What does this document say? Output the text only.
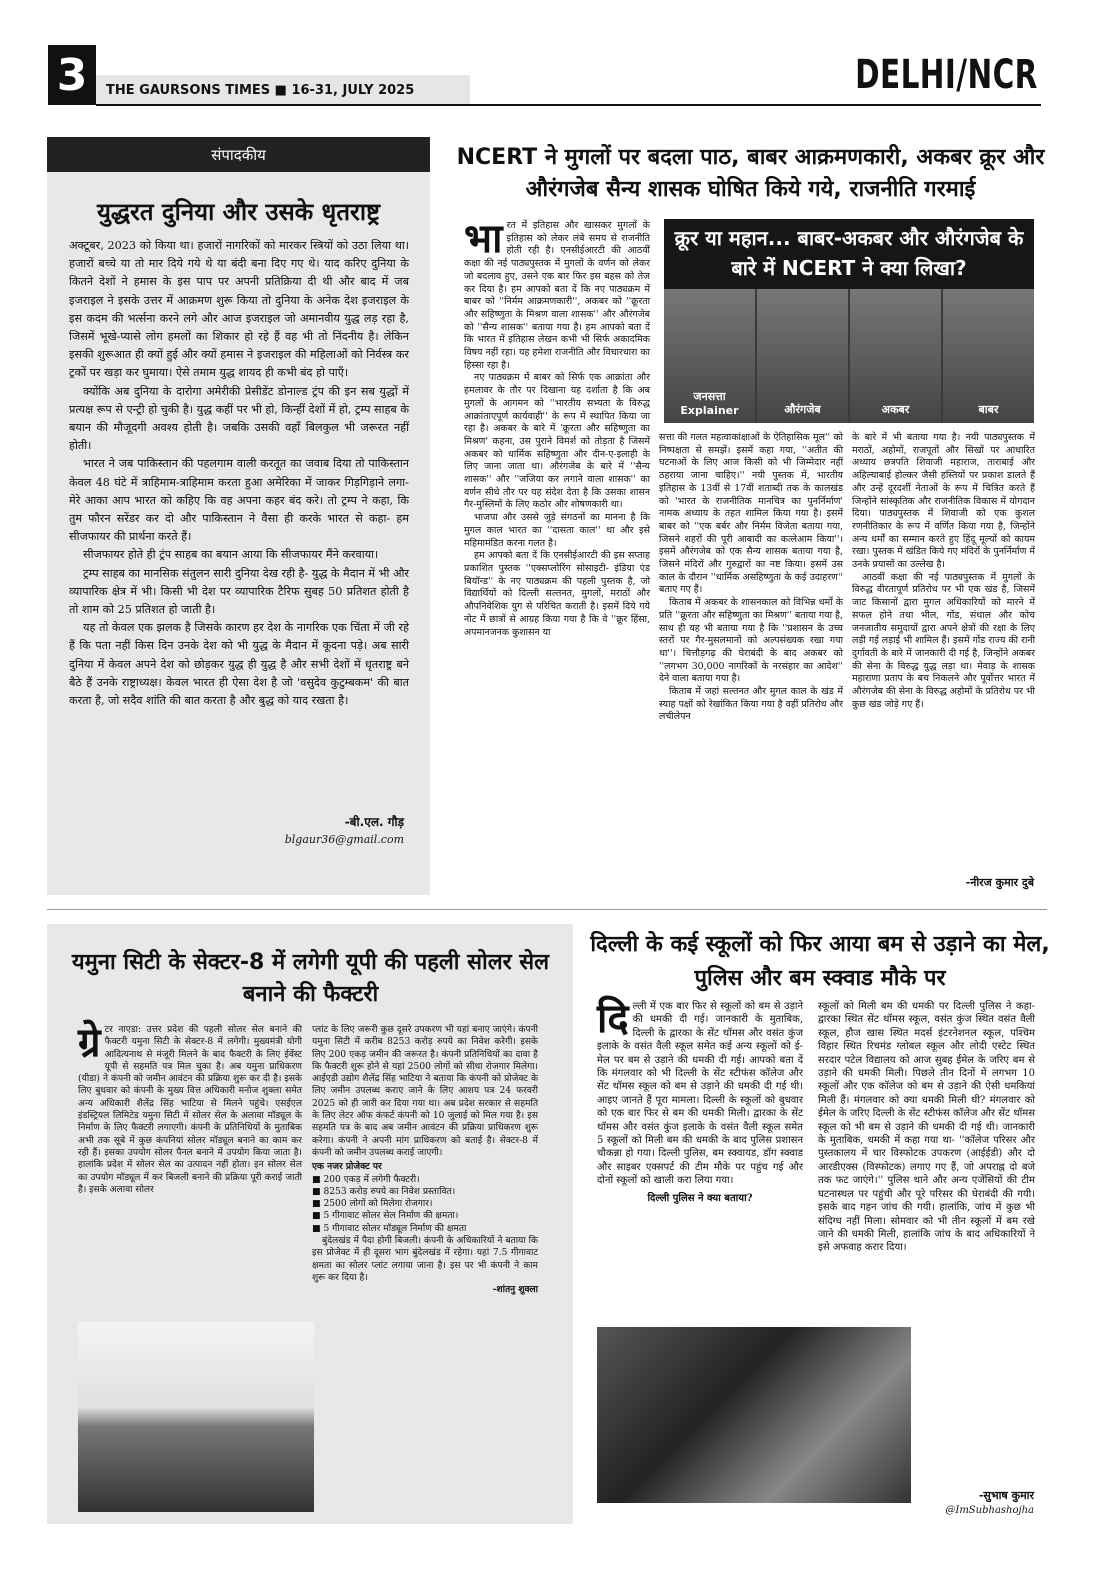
3	THE GAURSONS TIMES ■ 16-31, JULY 2025	DELHI/NCR
संपादकीय
युद्धरत दुनिया और उसके धृतराष्ट्र

अक्टूबर, 2023 को किया था। हजारों नागरिकों को मारकर स्त्रियों को उठा लिया था। हजारों बच्चे या तो मार दिये गये थे या बंदी बना दिए गए थे। याद करिए दुनिया के कितने देशों ने हमास के इस पाप पर अपनी प्रतिक्रिया दी थी और बाद में जब इजराइल ने इसके उत्तर में आक्रमण शुरू किया तो दुनिया के अनेक देश इजराइल के इस कदम की भर्त्सना करने लगे और आज इजराइल जो अमानवीय युद्ध लड़ रहा है, जिसमें भूखे-प्यासे लोग हमलों का शिकार हो रहे हैं वह भी तो निंदनीय है। लेकिन इसकी शुरूआत ही क्यों हुई और क्यों हमास ने इजराइल की महिलाओं को निर्वस्त्र कर ट्रकों पर खड़ा कर घुमाया। ऐसे तमाम युद्ध शायद ही कभी बंद हो पाएँ।

क्योंकि अब दुनिया के दारोगा अमेरीकी प्रेसीडेंट डोनाल्ड ट्रंप की इन सब युद्धों में प्रत्यक्ष रूप से एन्ट्री हो चुकी है। युद्ध कहीं पर भी हो, किन्हीं देशों में हो, ट्रम्प साहब के बयान की मौजूदगी अवश्य होती है। जबकि उसकी वहाँ बिलकुल भी जरूरत नहीं होती।

भारत ने जब पाकिस्तान की पहलगाम वाली करतूत का जवाब दिया तो पाकिस्तान केवल 48 घंटे में त्राहिमाम-त्राहिमाम करता हुआ अमेरिका में जाकर गिड़गिड़ाने लगा- मेरे आका आप भारत को कहिए कि वह अपना कहर बंद करे। तो ट्रम्प ने कहा, कि तुम फौरन सरेंडर कर दो और पाकिस्तान ने वैसा ही करके भारत से कहा- हम सीजफायर की प्रार्थना करते हैं।

सीजफायर होते ही ट्रंप साहब का बयान आया कि सीजफायर मैंने करवाया।

ट्रम्प साहब का मानसिक संतुलन सारी दुनिया देख रही है- युद्ध के मैदान में भी और व्यापारिक क्षेत्र में भी। किसी भी देश पर व्यापारिक टैरिफ सुबह 50 प्रतिशत होती है तो शाम को 25 प्रतिशत हो जाती है।

यह तो केवल एक झलक है जिसके कारण हर देश के नागरिक एक चिंता में जी रहे हैं कि पता नहीं किस दिन उनके देश को भी युद्ध के मैदान में कूदना पड़े। अब सारी दुनिया में केवल अपने देश को छोड़कर युद्ध ही युद्ध है और सभी देशों में धृतराष्ट्र बने बैठे हैं उनके राष्ट्राध्यक्ष। केवल भारत ही ऐसा देश है जो 'वसुदेव कुटुम्बकम' की बात करता है, जो सदैव शांति की बात करता है और बुद्ध को याद रखता है।

-बी.एल. गौड़
blgaur36@gmail.com
NCERT ने मुगलों पर बदला पाठ, बाबर आक्रमणकारी, अकबर क्रूर और औरंगजेब सैन्य शासक घोषित किये गये, राजनीति गरमाई
भा रत में इतिहास और खासकर मुगलों के इतिहास को लेकर लंबे समय से राजनीति होती रही है। एनसीईआरटी की आठवीं कक्षा की नई पाठ्यपुस्तक में मुगलों के वर्णन को लेकर जो बदलाव हुए, उसने एक बार फिर इस बहस को तेज कर दिया है। हम आपको बता दें कि नए पाठ्यक्रम में बाबर को ''निर्मम आक्रमणकारी'', अकबर को ''क्रूरता और सहिष्णुता के मिश्रण वाला शासक'' और औरंगजेब को ''सैन्य शासक'' बताया गया है। हम आपको बता दें कि भारत में इतिहास लेखन कभी भी सिर्फ अकादमिक विषय नहीं रहा। यह हमेशा राजनीति और विचारधारा का हिस्सा रहा है।

नए पाठ्यक्रम में बाबर को सिर्फ एक आक्रांता और हमलावर के तौर पर दिखाना यह दर्शाता है कि अब मुगलों के आगमन को ''भारतीय सभ्यता के विरुद्ध आक्रांताएपूर्ण कार्यवाही'' के रूप में स्थापित किया जा रहा है। अकबर के बारे में 'क्रूरता और सहिष्णुता का मिश्रण' कहना, उस पुराने विमर्श को तोड़ता है जिसमें अकबर को धार्मिक सहिष्णुता और दीन-ए-इलाही के लिए जाना जाता था। औरंगजेब के बारे में ''सैन्य शासक'' और ''जजिया कर लगाने वाला शासक'' का वर्णन सीधे तौर पर यह संदेश देता है कि उसका शासन गैर-मुस्लिमों के लिए कठोर और शोषणकारी था।

भाजपा और उससे जुड़े संगठनों का मानना है कि मुगल काल भारत का ''दासता काल'' था और इसे महिमामंडित करना गलत है।

हम आपको बता दें कि एनसीईआरटी की इस सप्ताह प्रकाशित पुस्तक ''एक्सप्लोरिंग सोसाइटी- इंडिया एंड बियॉन्ड'' के नए पाठ्यक्रम की पहली पुस्तक है, जो विद्यार्थियों को दिल्ली सल्तनत, मुगलों, मराठों और औपनिवेशिक युग से परिचित कराती है। इसमें दिये गये नोट में छात्रों से आग्रह किया गया है कि वे ''क्रूर हिंसा, अपमानजनक कुशासन या

क्रूर या महान... बाबर-अकबर और औरंगजेब के बारे में NCERT ने क्या लिखा?
जनसत्ता Explainer	औरंगजेब	अकबर	बाबर

सत्ता की गलत महत्वाकांक्षाओं के ऐतिहासिक मूल'' को निष्पक्षता से समझें। इसमें कहा गया, ''अतीत की घटनाओं के लिए आज किसी को भी जिम्मेदार नहीं ठहराया जाना चाहिए।'' नयी पुस्तक में, भारतीय इतिहास के 13वीं से 17वीं शताब्दी तक के कालखंड को 'भारत के राजनीतिक मानचित्र का पुनर्निर्माण' नामक अध्याय के तहत शामिल किया गया है। इसमें बाबर को ''एक बर्बर और निर्मम विजेता बताया गया, जिसने शहरों की पूरी आबादी का कत्लेआम किया''। इसमें औरंगजेब को एक सैन्य शासक बताया गया है, जिसने मंदिरों और गुरुद्वारों का नष्ट किया। इसमें उस काल के दौरान ''धार्मिक असहिष्णुता के कई उदाहरण'' बताए गए हैं।

किताब में अकबर के शासनकाल को विभिन्न धर्मों के प्रति ''क्रूरता और सहिष्णुता का मिश्रण'' बताया गया है, साथ ही यह भी बताया गया है कि ''प्रशासन के उच्च स्तरों पर गैर-मुसलमानों को अल्पसंख्यक रखा गया था''। चित्तौड़गढ़ की घेराबंदी के बाद अकबर को ''लगभग 30,000 नागरिकों के नरसंहार का आदेश'' देने वाला बताया गया है।

किताब में जहां सल्तनत और मुगल काल के खंड में स्याह पक्षों को रेखांकित किया गया है वहीं प्रतिरोध और लचीलेपन

के बारे में भी बताया गया है। नयी पाठ्यपुस्तक में मराठों, अहोमों, राजपूतों और सिखों पर आधारित अध्याय छत्रपति शिवाजी महाराज, ताराबाई और अहिल्याबाई होल्कर जैसी हस्तियों पर प्रकाश डालते हैं और उन्हें दूरदर्शी नेताओं के रूप में चित्रित करते हैं जिन्होंने सांस्कृतिक और राजनीतिक विकास में योगदान दिया। पाठ्यपुस्तक में शिवाजी को एक कुशल रणनीतिकार के रूप में वर्णित किया गया है, जिन्होंने अन्य धर्मों का सम्मान करते हुए हिंदू मूल्यों को कायम रखा। पुस्तक में खंडित किये गए मंदिरों के पुनर्निर्माण में उनके प्रयासों का उल्लेख है।

आठवीं कक्षा की नई पाठ्यपुस्तक में मुगलों के विरुद्ध वीरतापूर्ण प्रतिरोध पर भी एक खंड है, जिसमें जाट किसानों द्वारा मुगल अधिकारियों को मारने में सफल होने तथा भील, गोंड, संथाल और कोच जनजातीय समुदायों द्वारा अपने क्षेत्रों की रक्षा के लिए लड़ी गई लड़ाई भी शामिल हैं। इसमें गोंड राज्य की रानी दुर्गावती के बारे में जानकारी दी गई है, जिन्होंने अकबर की सेना के विरुद्ध युद्ध लड़ा था। मेवाड़ के शासक महाराणा प्रताप के बच निकलने और पूर्वोत्तर भारत में औरंगजेब की सेना के विरुद्ध अहोमों के प्रतिरोध पर भी कुछ खंड जोड़े गए हैं।

-नीरज कुमार दुबे
यमुना सिटी के सेक्टर-8 में लगेगी यूपी की पहली सोलर सेल बनाने की फैक्टरी
ग्रे टर नाएडा: उत्तर प्रदेश की पहली सोलर सेल बनाने की फैक्टरी यमुना सिटी के सेक्टर-8 में लगेगी। मुख्यमंत्री योगी आदित्यनाथ से मंजूरी मिलने के बाद फैक्टरी के लिए ईवेंस्ट यूपी से सहमति पत्र मिल चुका है। अब यमुना प्राधिकरण (यीडा) ने कंपनी को जमीन आवंटन की प्रक्रिया शुरू कर दी है। इसके लिए बुधवार को कंपनी के मुख्य वित्त अधिकारी मनोज शुक्ला समेत अन्य अधिकारी शैलेंद्र सिंह भाटिया से मिलने पहुंचे। एसईएल इंडस्ट्रियल लिमिटेड यमुना सिटी में सोलर सेल के अलावा मॉड्यूल के निर्माण के लिए फैक्टरी लगाएगी। कंपनी के प्रतिनिधियों के मुताबिक अभी तक सूबे में कुछ कंपनियां सोलर मॉड्यूल बनाने का काम कर रही हैं। इसका उपयोग सोलर पैनल बनाने में उपयोग किया जाता है। हालांकि प्रदेश में सोलर सेल का उत्पादन नहीं होता। इन सोलर सेल का उपयोग मॉड्यूल में कर बिजली बनाने की प्रक्रिया पूरी कराई जाती है। इसके अलावा सोलर

प्लांट के लिए जरूरी कुछ दूसरे उपकरण भी यहां बनाए जाएंगे। कंपनी यमुना सिटी में करीब 8253 करोड़ रुपये का निवेश करेगी। इसके लिए 200 एकड़ जमीन की जरूरत है। कंपनी प्रतिनिधियों का दावा है कि फैक्टरी शुरू होने से यहां 2500 लोगों को सीधा रोजगार मिलेगा। आईएडी उद्योग शैलेंद्र सिंह भाटिया ने बताया कि कंपनी को प्रोजेक्ट के लिए जमीन उपलब्ध कराए जाने के लिए आशय पत्र 24 फरवरी 2025 को ही जारी कर दिया गया था। अब प्रदेश सरकार से सहमति के लिए लेटर ऑफ कंफर्ट कंपनी को 10 जुलाई को मिल गया है। इस सहमति पत्र के बाद अब जमीन आवंटन की प्रक्रिया प्राधिकरण शुरू करेगा। कंपनी ने अपनी मांग प्राधिकरण को बताई है। सेक्टर-8 में कंपनी को जमीन उपलब्ध कराई जाएगी।

एक नजर प्रोजेक्ट पर
■ 200 एकड़ में लगेगी फैक्टरी।
■ 8253 करोड़ रुपये का निवेश प्रस्तावित।
■ 2500 लोगों को मिलेगा रोजगार।
■ 5 गीगावाट सोलर सेल निर्माण की क्षमता।
■ 5 गीगावाट सोलर मॉड्यूल निर्माण की क्षमता

बुंदेलखंड में पैदा होगी बिजली। कंपनी के अधिकारियों ने बताया कि इस प्रोजेक्ट में ही दूसरा भाग बुंदेलखंड में रहेगा। यहां 7.5 गीगावाट क्षमता का सोलर प्लांट लगाया जाना है। इस पर भी कंपनी ने काम शुरू कर दिया है।

-शांतनु शुक्ला
दिल्ली के कई स्कूलों को फिर आया बम से उड़ाने का मेल, पुलिस और बम स्क्वाड मौके पर
दि ल्ली में एक बार फिर से स्कूलों को बम से उड़ाने की धमकी दी गई। जानकारी के मुताबिक, दिल्ली के द्वारका के सेंट थॉमस और वसंत कुंज इलाके के वसंत वैली स्कूल समेत कई अन्य स्कूलों को ई-मेल पर बम से उड़ाने की धमकी दी गई। आपको बता दें कि मंगलवार को भी दिल्ली के सेंट स्टीफंस कॉलेज और सेंट थॉमस स्कूल को बम से उड़ाने की धमकी दी गई थी। आइए जानते हैं पूरा मामला। दिल्ली के स्कूलों को बुधवार को एक बार फिर से बम की धमकी मिली। द्वारका के सेंट थॉमस और वसंत कुंज इलाके के वसंत वैली स्कूल समेत 5 स्कूलों को मिली बम की धमकी के बाद पुलिस प्रशासन चौकन्ना हो गया। दिल्ली पुलिस, बम स्क्वायड, डॉग स्क्वाड और साइबर एक्सपर्ट की टीम मौके पर पहुंच गई और दोनों स्कूलों को खाली करा लिया गया।
दिल्ली पुलिस ने क्या बताया?
स्कूलों को मिली बम की धमकी पर दिल्ली पुलिस ने कहा- द्वारका स्थित सेंट थॉमस स्कूल, वसंत कुंज स्थित वसंत वैली स्कूल, हौज खास स्थित मदर्स इंटरनेशनल स्कूल, पश्चिम विहार स्थित रिचमंड ग्लोबल स्कूल और लोदी एस्टेट स्थित सरदार पटेल विद्यालय को आज सुबह ईमेल के जरिए बम से उड़ाने की धमकी मिली। पिछले तीन दिनों में लगभग 10 स्कूलों और एक कॉलेज को बम से उड़ाने की ऐसी धमकियां मिली हैं। मंगलवार को क्या धमकी मिली थी? मंगलवार को ईमेल के जरिए दिल्ली के सेंट स्टीफंस कॉलेज और सेंट थॉमस स्कूल को भी बम से उड़ाने की धमकी दी गई थी। जानकारी के मुताबिक, धमकी में कहा गया था- ''कॉलेज परिसर और पुस्तकालय में चार विस्फोटक उपकरण (आईईडी) और दो आरडीएक्स (विस्फोटक) लगाए गए हैं, जो अपराह्न दो बजे तक फट जाएंगे।'' पुलिस थाने और अन्य एजेंसियों की टीम घटनास्थल पर पहुंची और पूरे परिसर की घेराबंदी की गयी। इसके बाद गहन जांच की गयी। हालांकि, जांच में कुछ भी संदिग्ध नहीं मिला। सोमवार को भी तीन स्कूलों में बम रखे जाने की धमकी मिली, हालांकि जांच के बाद अधिकारियों ने इसे अफवाह करार दिया।
-सुभाष कुमार
@ImSubhashojha
